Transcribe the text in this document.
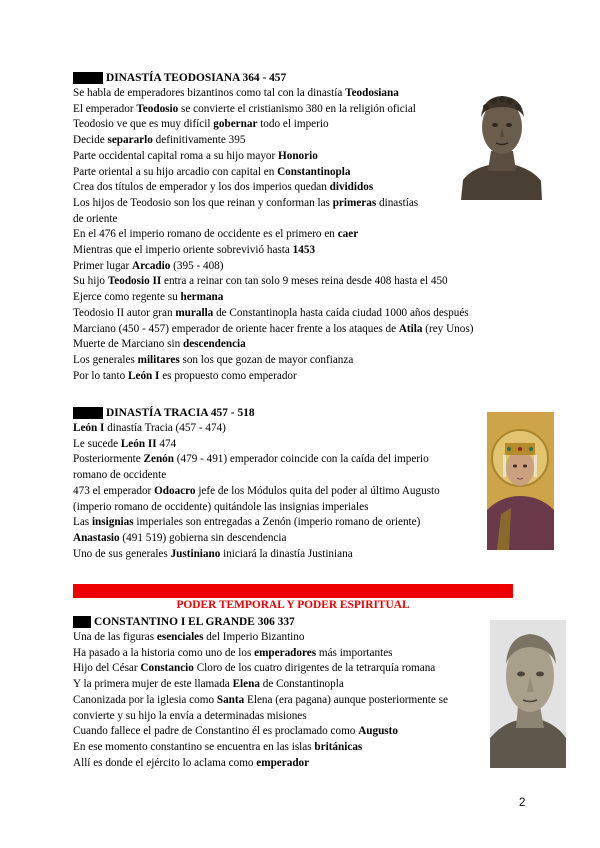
DINASTÍA TEODOSIANA 364 - 457
Se habla de emperadores bizantinos como tal con la dinastía Teodosiana
El emperador Teodosio se convierte el cristianismo 380 en la religión oficial
Teodosio ve que es muy difícil gobernar todo el imperio
Decide separarlo definitivamente 395
Parte occidental capital roma a su hijo mayor Honorio
Parte oriental a su hijo arcadio con capital en Constantinopla
Crea dos títulos de emperador y los dos imperios quedan divididos
Los hijos de Teodosio son los que reinan y conforman las primeras dinastías
de oriente
En el 476 el imperio romano de occidente es el primero en caer
Mientras que el imperio oriente sobrevivió hasta 1453
Primer lugar Arcadio (395 - 408)
Su hijo Teodosio II entra a reinar con tan solo 9 meses reina desde 408 hasta el 450
Ejerce como regente su hermana
Teodosio II autor gran muralla de Constantinopla hasta caída ciudad 1000 años después
Marciano (450 - 457) emperador de oriente hacer frente a los ataques de Atila (rey Unos)
Muerte de Marciano sin descendencia
Los generales militares son los que gozan de mayor confianza
Por lo tanto León I es propuesto como emperador
DINASTÍA TRACIA 457 - 518
León I dinastía Tracia (457 - 474)
Le sucede León II 474
Posteriormente Zenón (479 - 491) emperador coincide con la caída del imperio
romano de occidente
473 el emperador Odoacro jefe de los Módulos quita del poder al último Augusto
(imperio romano de occidente) quitándole las insignias imperiales
Las insignias imperiales son entregadas a Zenón (imperio romano de oriente)
Anastasio (491 519) gobierna sin descendencia
Uno de sus generales Justiniano iniciará la dinastía Justiniana
PODER TEMPORAL Y PODER ESPIRITUAL
CONSTANTINO I EL GRANDE 306 337
Una de las figuras esenciales del Imperio Bizantino
Ha pasado a la historia como uno de los emperadores más importantes
Hijo del César Constancio Cloro de los cuatro dirigentes de la tetrarquía romana
Y la primera mujer de este llamada Elena de Constantinopla
Canonizada por la iglesia como Santa Elena (era pagana) aunque posteriormente se
convierte y su hijo la envía a determinadas misiones
Cuando fallece el padre de Constantino él es proclamado como Augusto
En ese momento constantino se encuentra en las islas británicas
Allí es donde el ejército lo aclama como emperador
2
